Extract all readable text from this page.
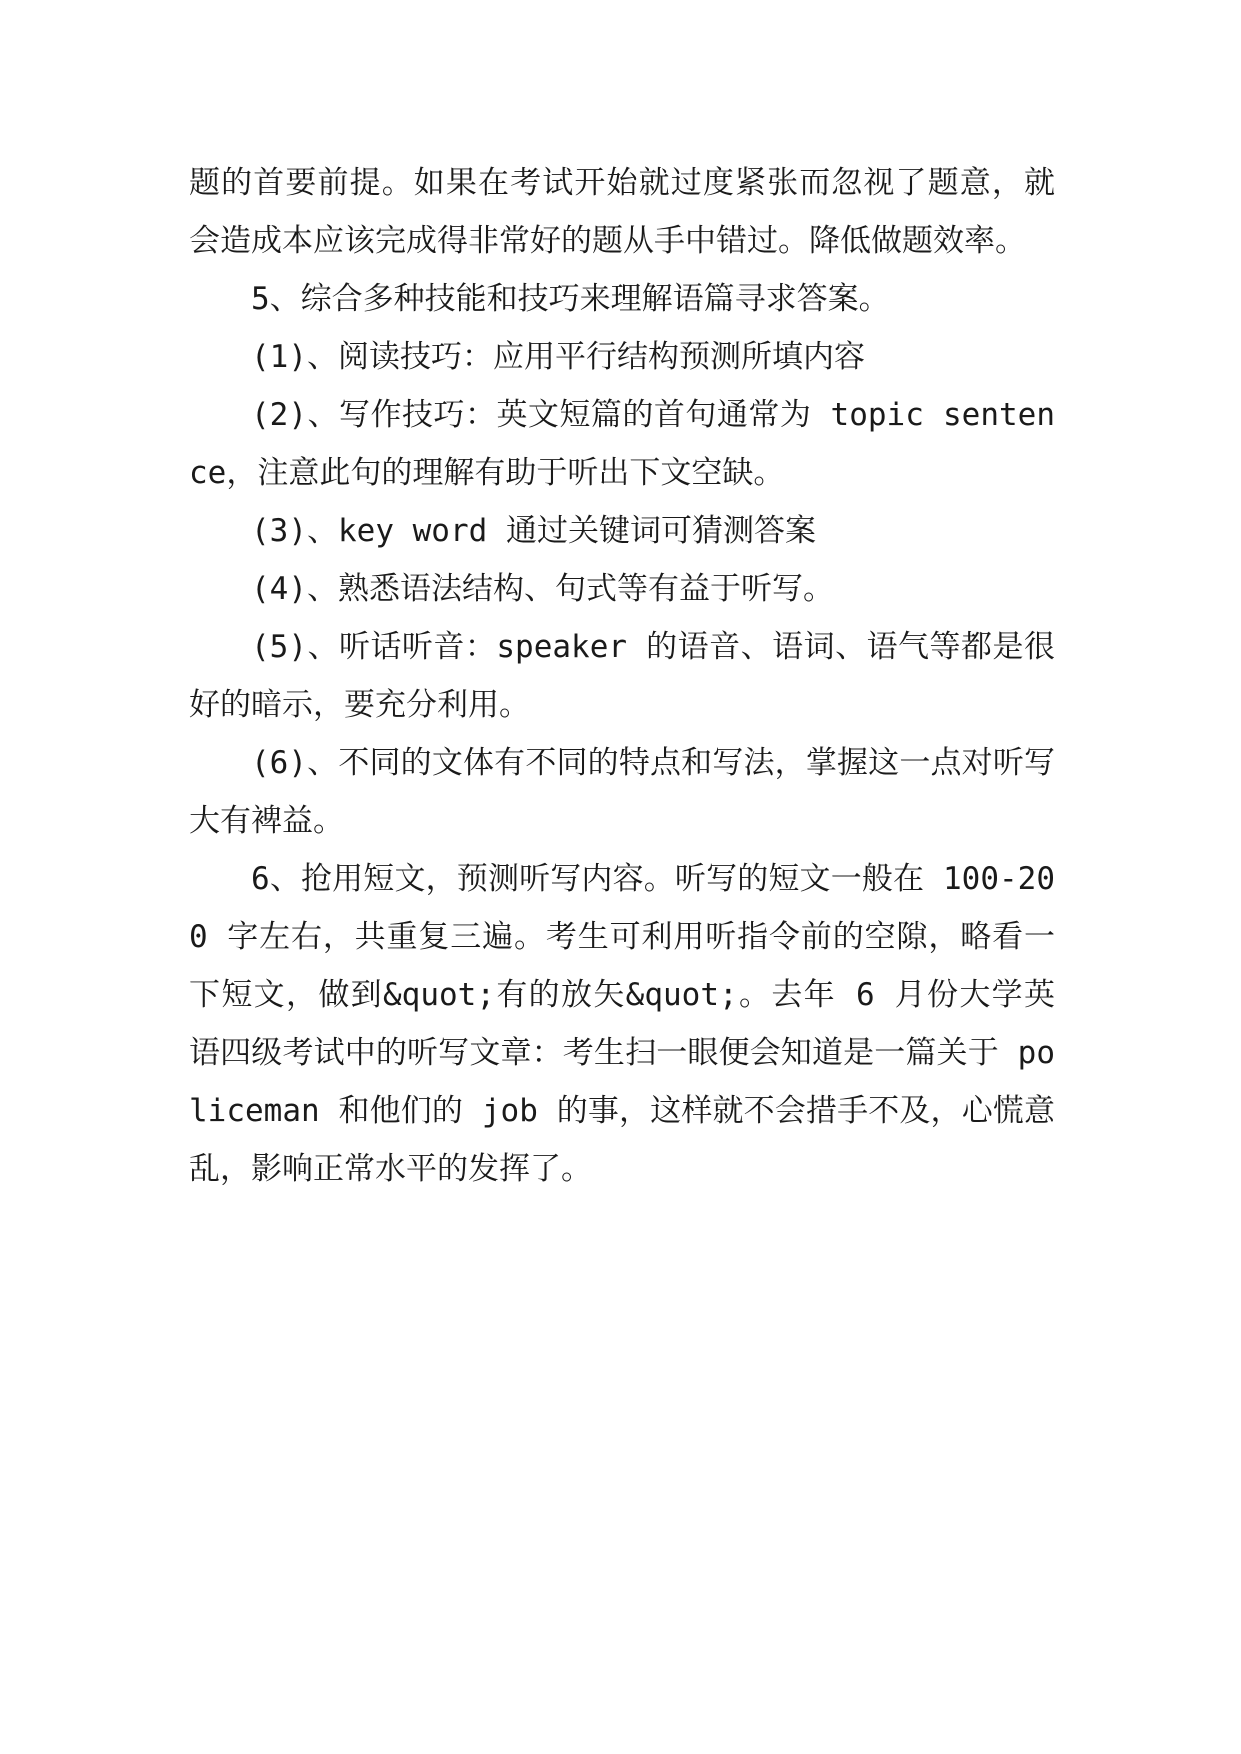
题的首要前提。如果在考试开始就过度紧张而忽视了题意，就会造成本应该完成得非常好的题从手中错过。降低做题效率。

5、综合多种技能和技巧来理解语篇寻求答案。

(1)、阅读技巧：应用平行结构预测所填内容

(2)、写作技巧：英文短篇的首句通常为 topic sentence，注意此句的理解有助于听出下文空缺。

(3)、key word 通过关键词可猜测答案

(4)、熟悉语法结构、句式等有益于听写。

(5)、听话听音：speaker 的语音、语词、语气等都是很好的暗示，要充分利用。

(6)、不同的文体有不同的特点和写法，掌握这一点对听写大有裨益。

6、抢用短文，预测听写内容。听写的短文一般在 100-200 字左右，共重复三遍。考生可利用听指令前的空隙，略看一下短文，做到&quot;有的放矢&quot;。去年 6 月份大学英语四级考试中的听写文章：考生扫一眼便会知道是一篇关于 policeman 和他们的 job 的事，这样就不会措手不及，心慌意乱，影响正常水平的发挥了。
